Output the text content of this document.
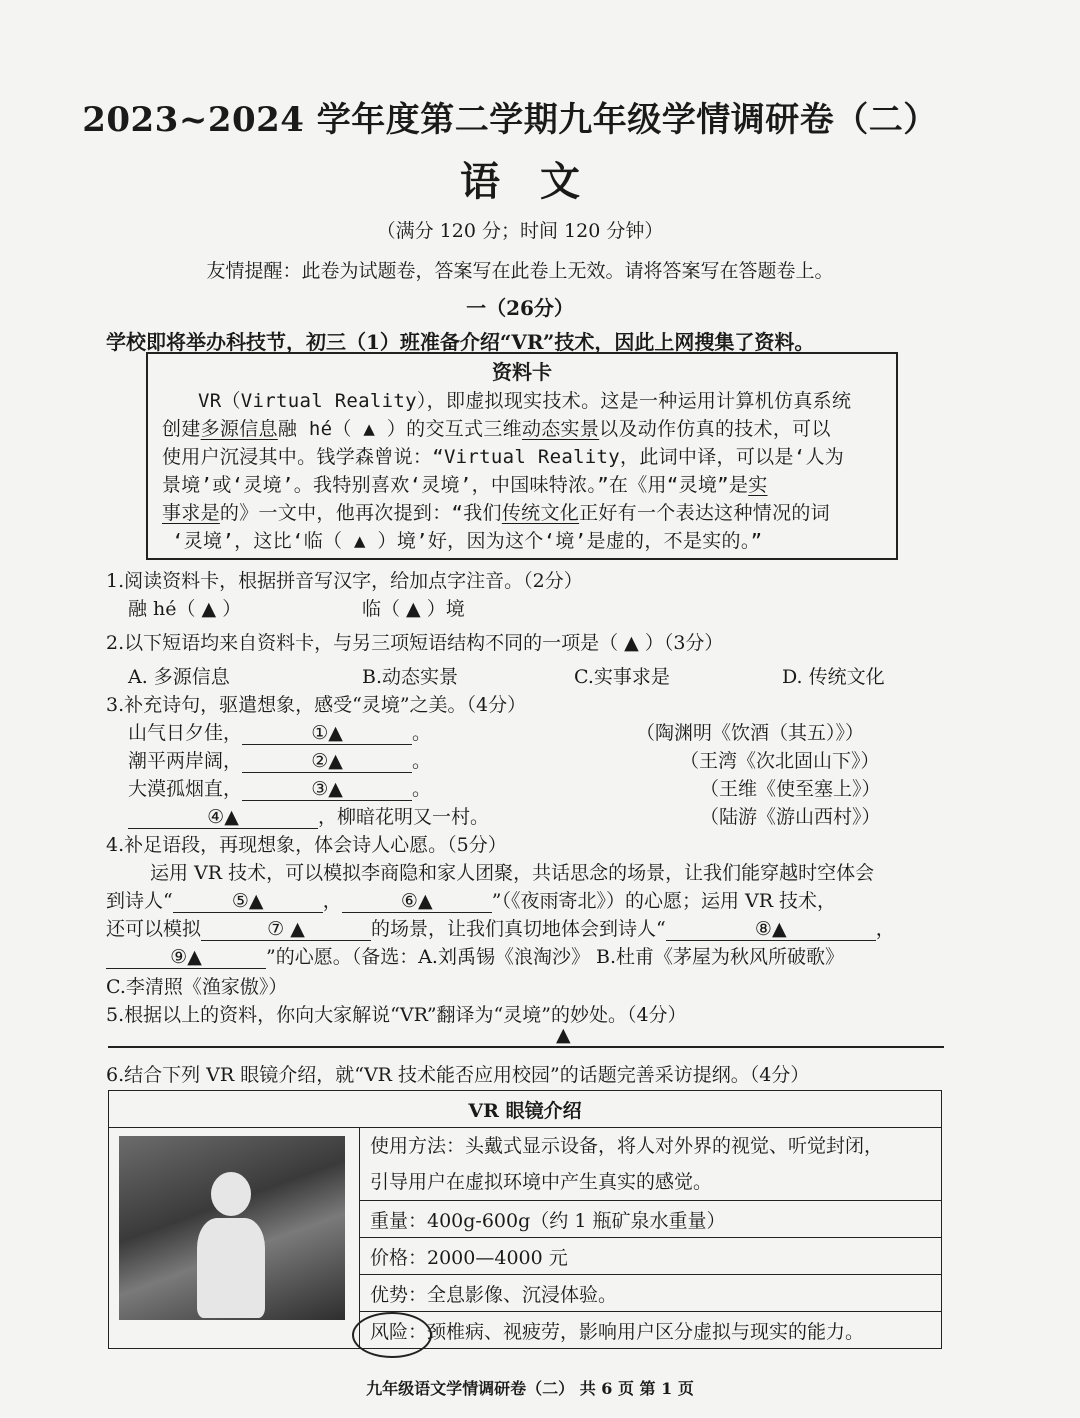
2023~2024 学年度第二学期九年级学情调研卷（二）
语文
（满分 120 分；时间 120 分钟）
友情提醒：此卷为试题卷，答案写在此卷上无效。请将答案写在答题卷上。
一（26分）
学校即将举办科技节，初三（1）班准备介绍“VR”技术，因此上网搜集了资料。
资料卡
VR（Virtual Reality），即虚拟现实技术。这是一种运用计算机仿真系统
创建多源信息融 hé（ ▲ ）的交互式三维动态实景以及动作仿真的技术，可以
使用户沉浸其中。钱学森曾说：“Virtual Reality，此词中译，可以是‘人为
景境’或‘灵境’。我特别喜欢‘灵境’，中国味特浓。”在《用“灵境”是实
事求是的》一文中，他再次提到：“我们传统文化正好有一个表达这种情况的词
‘灵境’，这比‘临（ ▲ ）境’好，因为这个‘境’是虚的，不是实的。”
1.阅读资料卡，根据拼音写汉字，给加点字注音。（2分）
融 hé（ ▲ ）	临（ ▲ ）境
2.以下短语均来自资料卡，与另三项短语结构不同的一项是（ ▲ ）（3分）
A. 多源信息	B.动态实景	C.实事求是	D. 传统文化
3.补充诗句，驱遣想象，感受“灵境”之美。（4分）
山气日夕佳，	①▲	。	（陶渊明《饮酒（其五）》）
潮平两岸阔，	②▲	。	（王湾《次北固山下》）
大漠孤烟直，	③▲	。	（王维《使至塞上》）
④▲	，柳暗花明又一村。	（陆游《游山西村》）
4.补足语段，再现想象，体会诗人心愿。（5分）
运用 VR 技术，可以模拟李商隐和家人团聚，共话思念的场景，让我们能穿越时空体会
到诗人“	⑤▲	，	⑥▲	”（《夜雨寄北》）的心愿；运用 VR 技术，
还可以模拟	⑦ ▲	的场景，让我们真切地体会到诗人“	⑧▲	，
⑨▲	”的心愿。（备选：A.刘禹锡《浪淘沙》 B.杜甫《茅屋为秋风所破歌》
C.李清照《渔家傲》）
5.根据以上的资料，你向大家解说“VR”翻译为“灵境”的妙处。（4分）
▲
6.结合下列 VR 眼镜介绍，就“VR 技术能否应用校园”的话题完善采访提纲。（4分）
VR 眼镜介绍

使用方法：头戴式显示设备，将人对外界的视觉、听觉封闭，
引导用户在虚拟环境中产生真实的感觉。

重量：400g-600g（约 1 瓶矿泉水重量）

价格：2000—4000 元
优势：全息影像、沉浸体验。
风险：颈椎病、视疲劳，影响用户区分虚拟与现实的能力。
九年级语文学情调研卷（二） 共 6 页 第 1 页
